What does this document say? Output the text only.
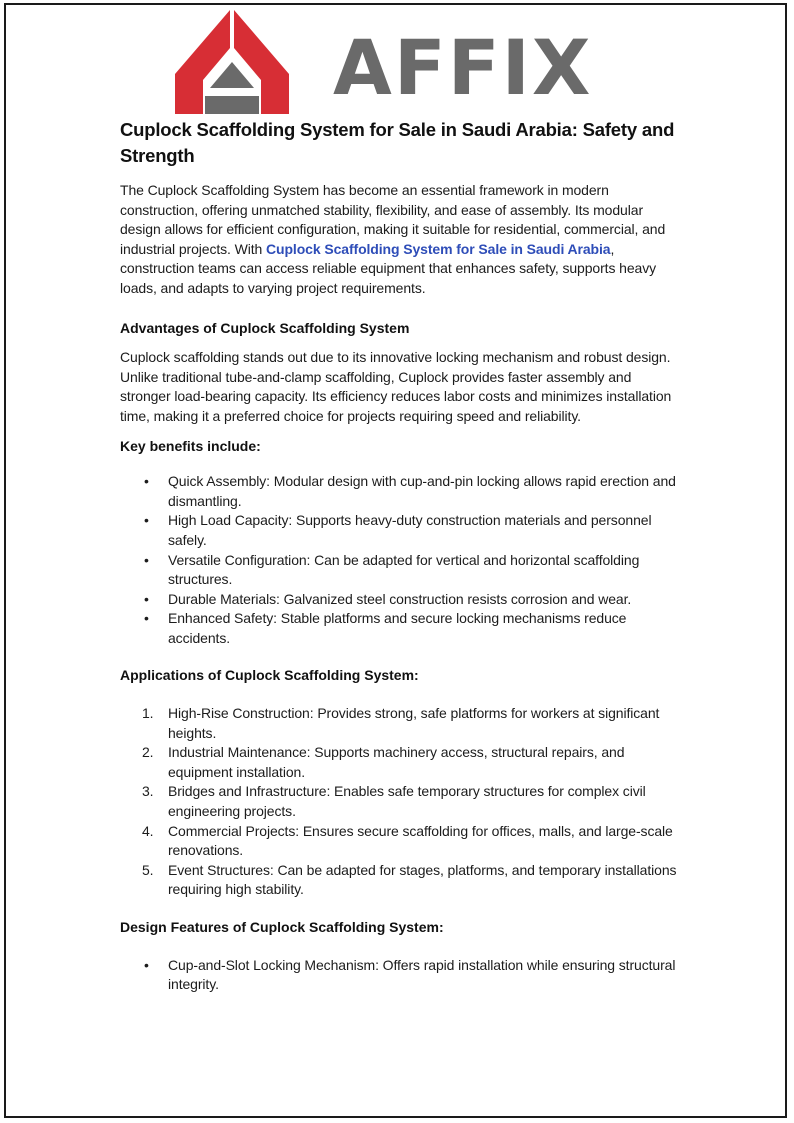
AFFIX
Cuplock Scaffolding System for Sale in Saudi Arabia: Safety and Strength

The Cuplock Scaffolding System has become an essential framework in modern construction, offering unmatched stability, flexibility, and ease of assembly. Its modular design allows for efficient configuration, making it suitable for residential, commercial, and industrial projects. With Cuplock Scaffolding System for Sale in Saudi Arabia, construction teams can access reliable equipment that enhances safety, supports heavy loads, and adapts to varying project requirements.

Advantages of Cuplock Scaffolding System

Cuplock scaffolding stands out due to its innovative locking mechanism and robust design. Unlike traditional tube-and-clamp scaffolding, Cuplock provides faster assembly and stronger load-bearing capacity. Its efficiency reduces labor costs and minimizes installation time, making it a preferred choice for projects requiring speed and reliability.

Key benefits include:
• Quick Assembly: Modular design with cup-and-pin locking allows rapid erection and dismantling.
• High Load Capacity: Supports heavy-duty construction materials and personnel safely.
• Versatile Configuration: Can be adapted for vertical and horizontal scaffolding structures.
• Durable Materials: Galvanized steel construction resists corrosion and wear.
• Enhanced Safety: Stable platforms and secure locking mechanisms reduce accidents.
Applications of Cuplock Scaffolding System:
1. High-Rise Construction: Provides strong, safe platforms for workers at significant heights.
2. Industrial Maintenance: Supports machinery access, structural repairs, and equipment installation.
3. Bridges and Infrastructure: Enables safe temporary structures for complex civil engineering projects.
4. Commercial Projects: Ensures secure scaffolding for offices, malls, and large-scale renovations.
5. Event Structures: Can be adapted for stages, platforms, and temporary installations requiring high stability.
Design Features of Cuplock Scaffolding System:
• Cup-and-Slot Locking Mechanism: Offers rapid installation while ensuring structural integrity.
